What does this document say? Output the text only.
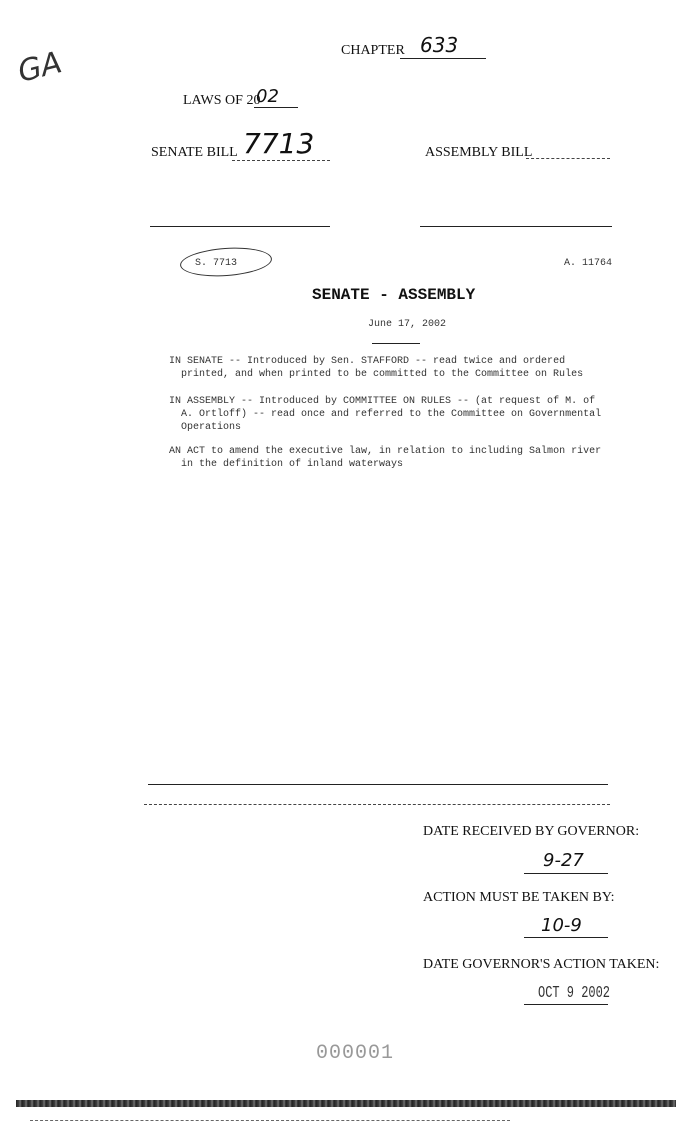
GA	CHAPTER 633
LAWS OF 20
02
SENATE BILL 7713	ASSEMBLY BILL
S. 7713	A. 11764
SENATE - ASSEMBLY
June 17, 2002
IN SENATE -- Introduced by Sen. STAFFORD -- read twice and ordered
printed, and when printed to be committed to the Committee on Rules
IN ASSEMBLY -- Introduced by COMMITTEE ON RULES -- (at request of M. of
A. Ortloff) -- read once and referred to the Committee on Governmental
Operations
AN ACT to amend the executive law, in relation to including Salmon river
in the definition of inland waterways
DATE RECEIVED BY GOVERNOR:
9-27
ACTION MUST BE TAKEN BY:
10-9
DATE GOVERNOR'S ACTION TAKEN:
OCT 9 2002
000001
